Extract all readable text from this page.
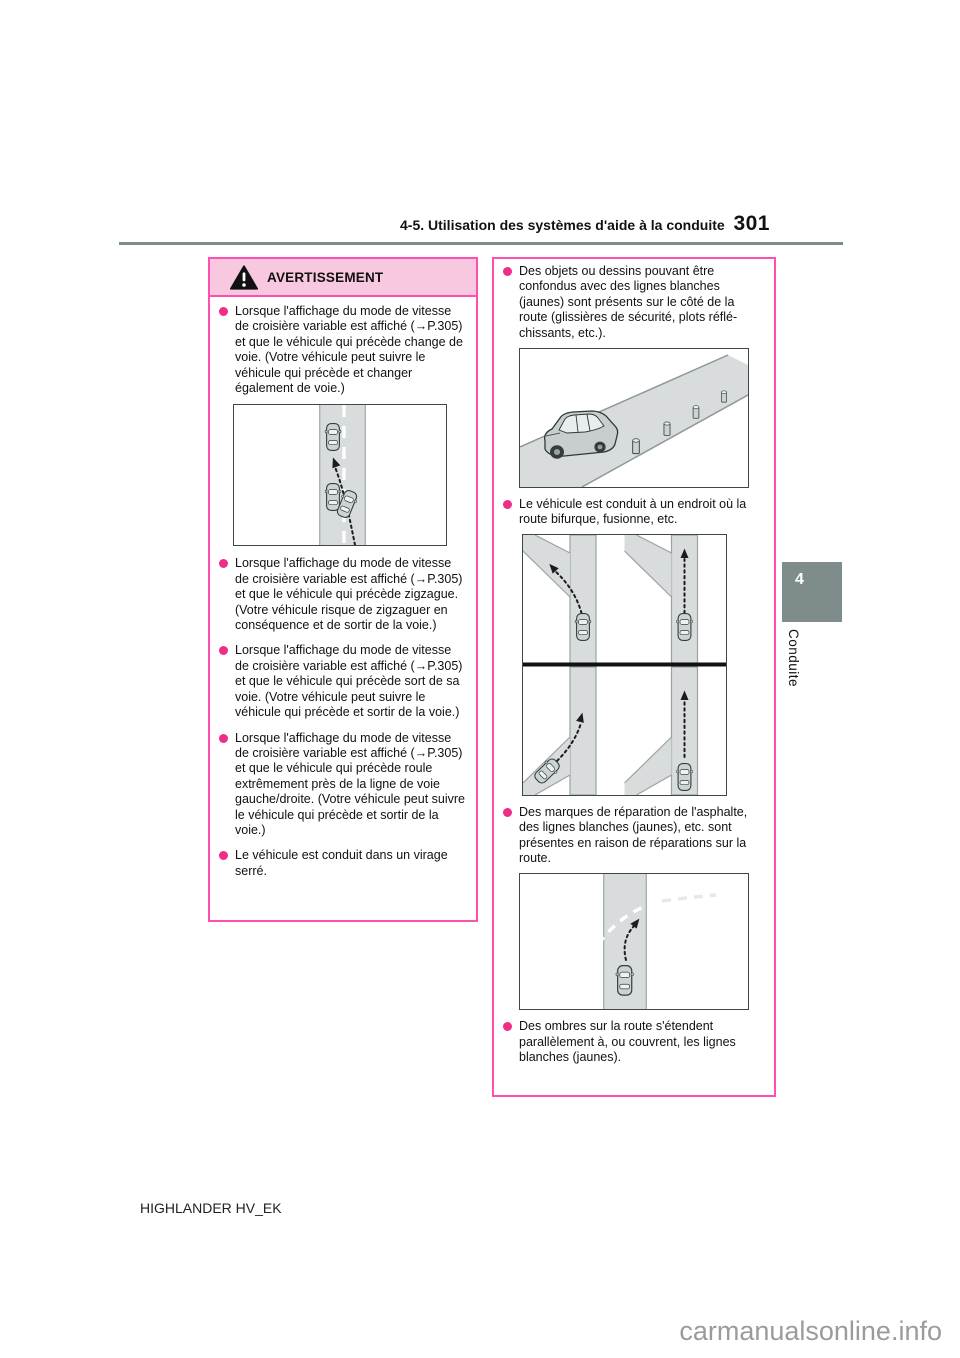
4-5. Utilisation des systèmes d'aide à la conduite 301
AVERTISSEMENT

Lorsque l'affichage du mode de vitesse de croisière variable est affiché (→P.305) et que le véhicule qui précède change de voie. (Votre véhicule peut suivre le véhicule qui précède et changer également de voie.)

Lorsque l'affichage du mode de vitesse de croisière variable est affiché (→P.305) et que le véhicule qui précède zigzague. (Votre véhicule risque de zigzaguer en conséquence et de sortir de la voie.)

Lorsque l'affichage du mode de vitesse de croisière variable est affiché (→P.305) et que le véhicule qui précède sort de sa voie. (Votre véhicule peut suivre le véhicule qui précède et sortir de la voie.)

Lorsque l'affichage du mode de vitesse de croisière variable est affiché (→P.305) et que le véhicule qui précède roule extrêmement près de la ligne de voie gauche/droite. (Votre véhicule peut suivre le véhicule qui précède et sortir de la voie.)

Le véhicule est conduit dans un virage serré.

Des objets ou dessins pouvant être confondus avec des lignes blanches (jaunes) sont présents sur le côté de la route (glissières de sécurité, plots réfléchissants, etc.).

Le véhicule est conduit à un endroit où la route bifurque, fusionne, etc.

Des marques de réparation de l'asphalte, des lignes blanches (jaunes), etc. sont présentes en raison de réparations sur la route.

Des ombres sur la route s'étendent parallèlement à, ou couvrent, les lignes blanches (jaunes).

4
Conduite
HIGHLANDER HV_EK
carmanualsonline.info
